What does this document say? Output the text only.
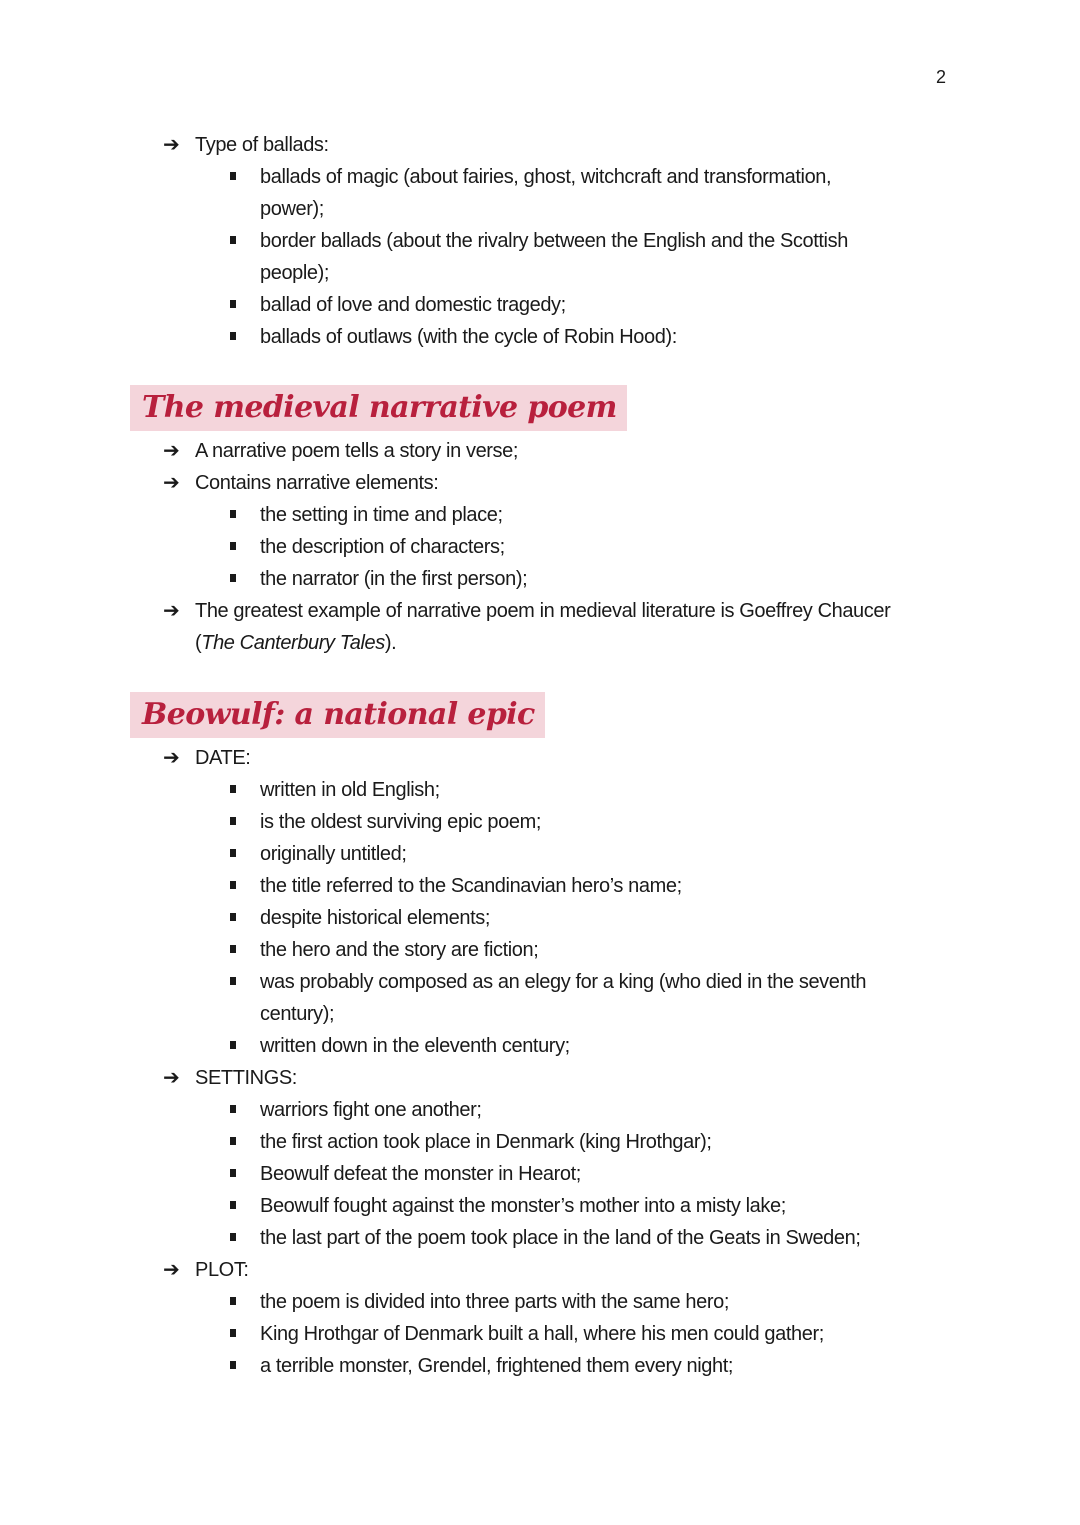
2
➔ Type of ballads:
ballads of magic (about fairies, ghost, witchcraft and transformation,
power);
border ballads (about the rivalry between the English and the Scottish
people);
ballad of love and domestic tragedy;
ballads of outlaws (with the cycle of Robin Hood):
The medieval narrative poem
➔ A narrative poem tells a story in verse;
➔ Contains narrative elements:
the setting in time and place;
the description of characters;
the narrator (in the first person);
➔ The greatest example of narrative poem in medieval literature is Goeffrey Chaucer
(The Canterbury Tales).
Beowulf: a national epic
➔ DATE:
written in old English;
is the oldest surviving epic poem;
originally untitled;
the title referred to the Scandinavian hero’s name;
despite historical elements;
the hero and the story are fiction;
was probably composed as an elegy for a king (who died in the seventh
century);
written down in the eleventh century;
➔ SETTINGS:
warriors fight one another;
the first action took place in Denmark (king Hrothgar);
Beowulf defeat the monster in Hearot;
Beowulf fought against the monster’s mother into a misty lake;
the last part of the poem took place in the land of the Geats in Sweden;
➔ PLOT:
the poem is divided into three parts with the same hero;
King Hrothgar of Denmark built a hall, where his men could gather;
a terrible monster, Grendel, frightened them every night;
